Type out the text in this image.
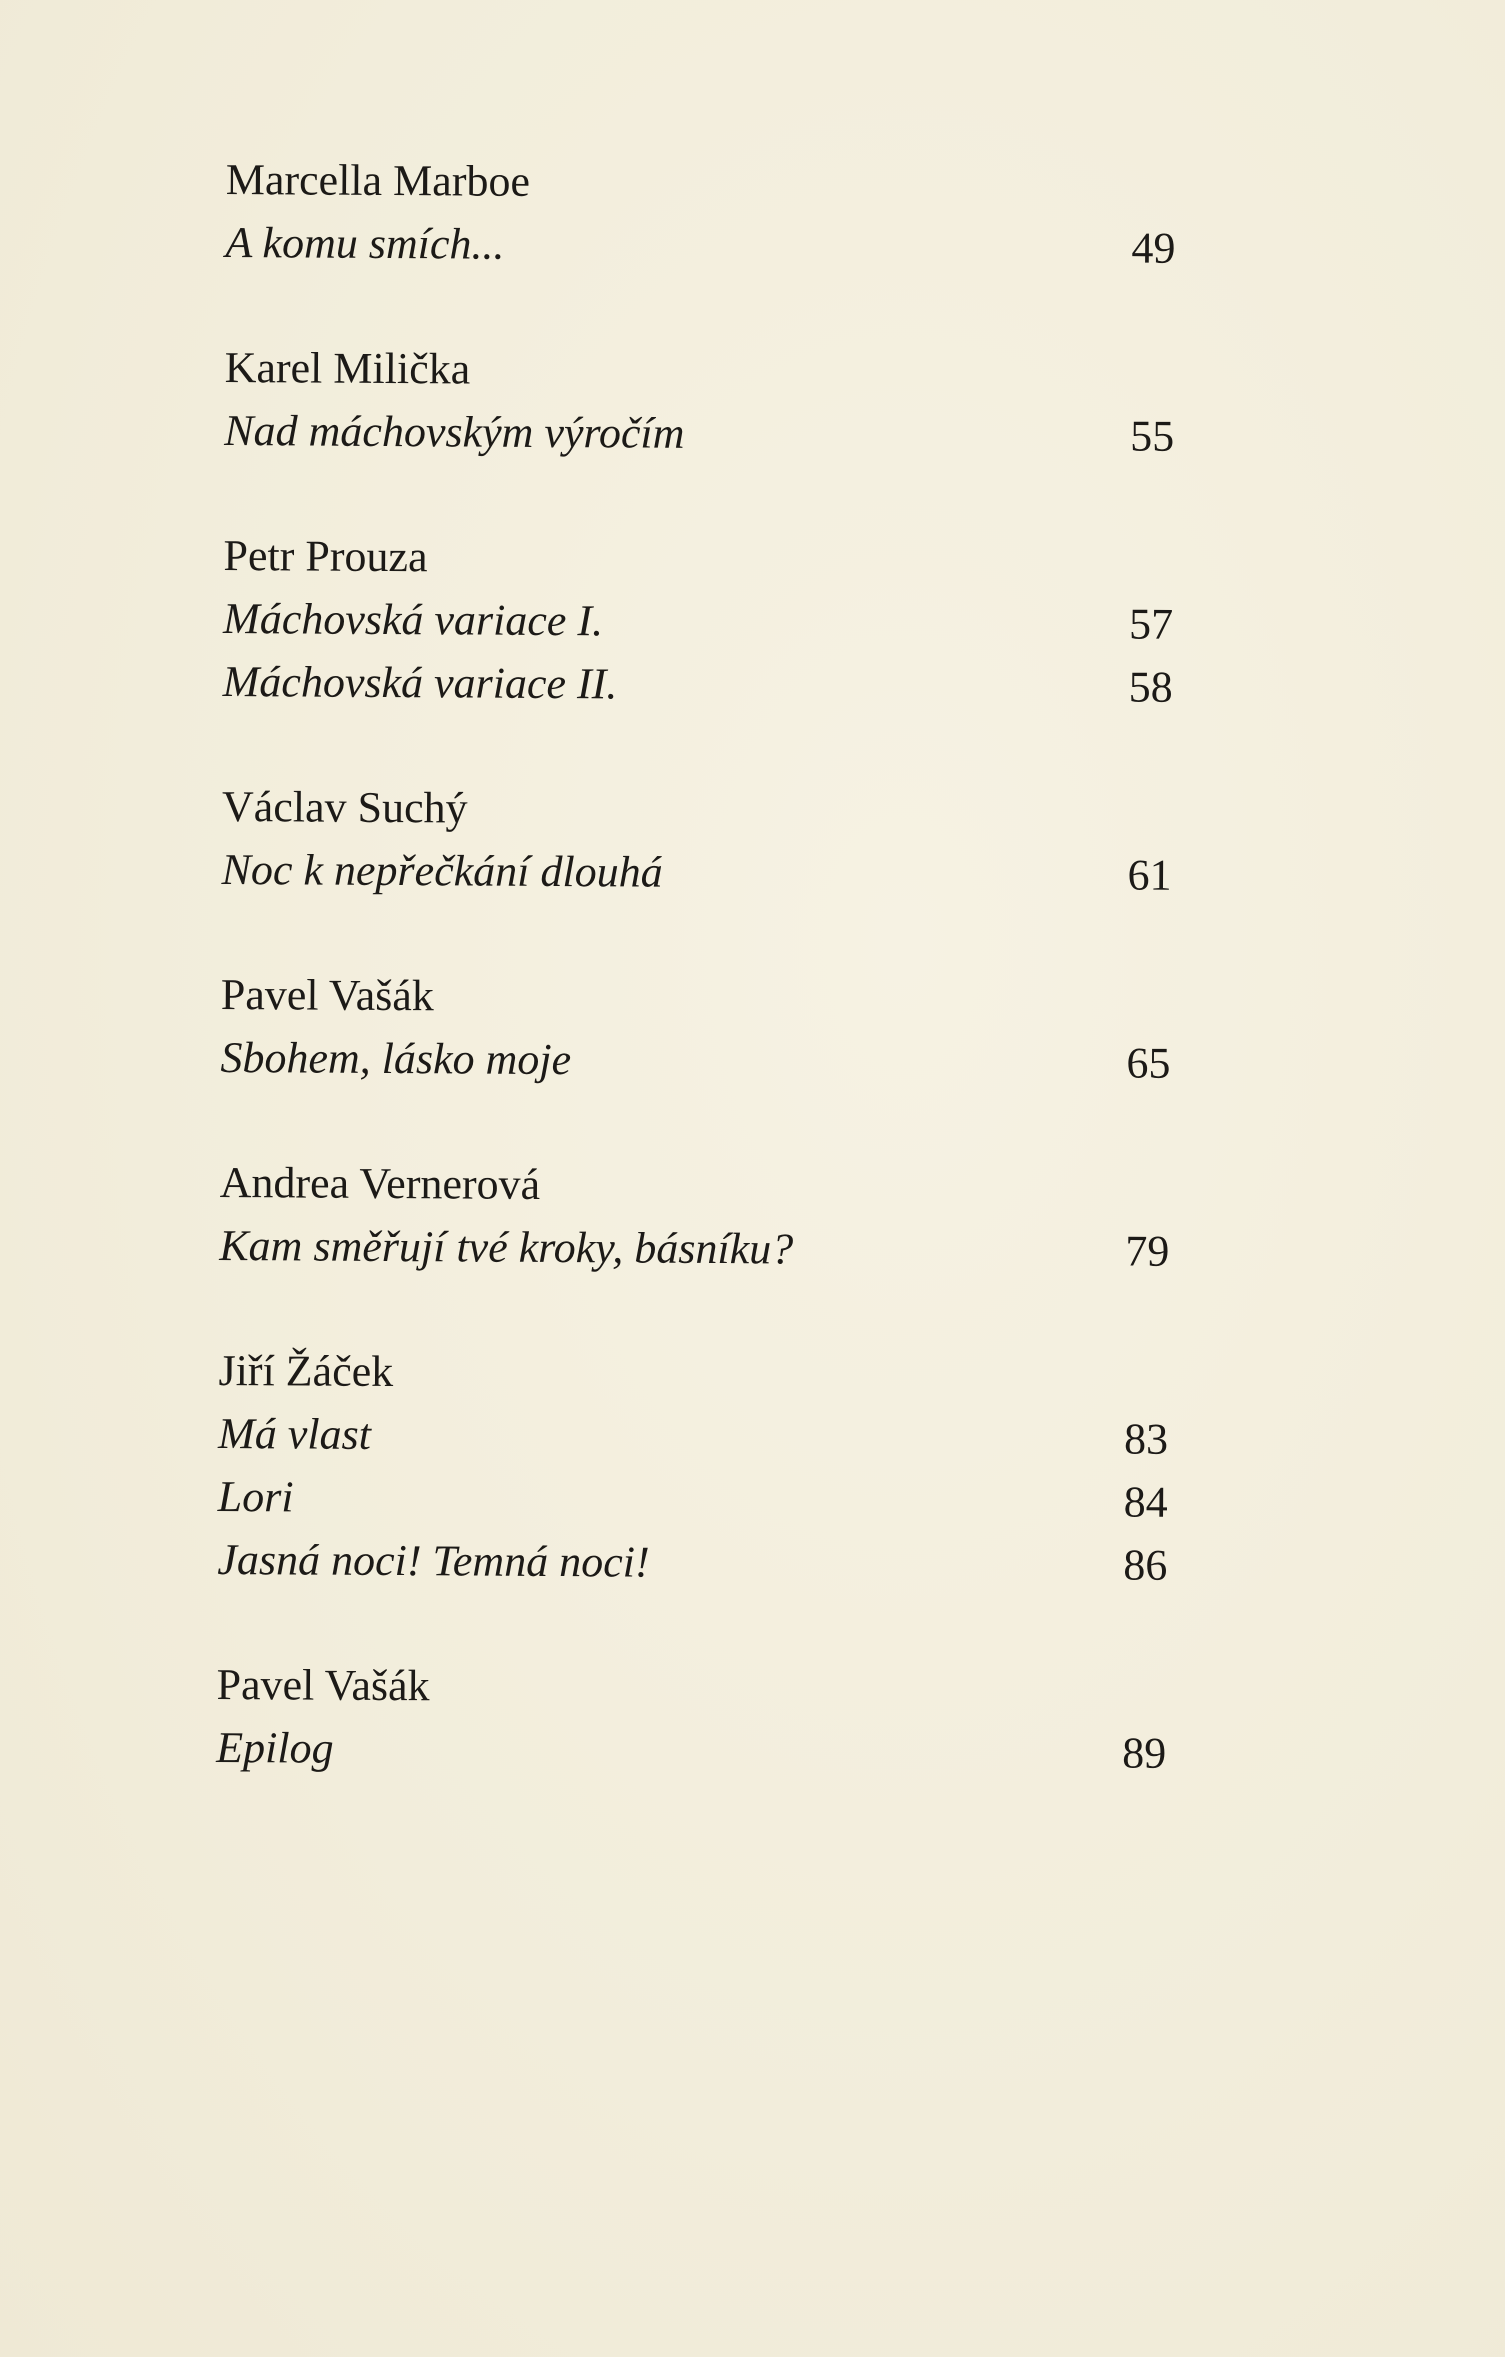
Marcella Marboe
A komu smích...	49
Karel Milička
Nad máchovským výročím	55
Petr Prouza
Máchovská variace I.	57
Máchovská variace II.	58
Václav Suchý
Noc k nepřečkání dlouhá	61
Pavel Vašák
Sbohem, lásko moje	65
Andrea Vernerová
Kam směřují tvé kroky, básníku?	79
Jiří Žáček
Má vlast	83
Lori	84
Jasná noci! Temná noci!	86
Pavel Vašák
Epilog	89
